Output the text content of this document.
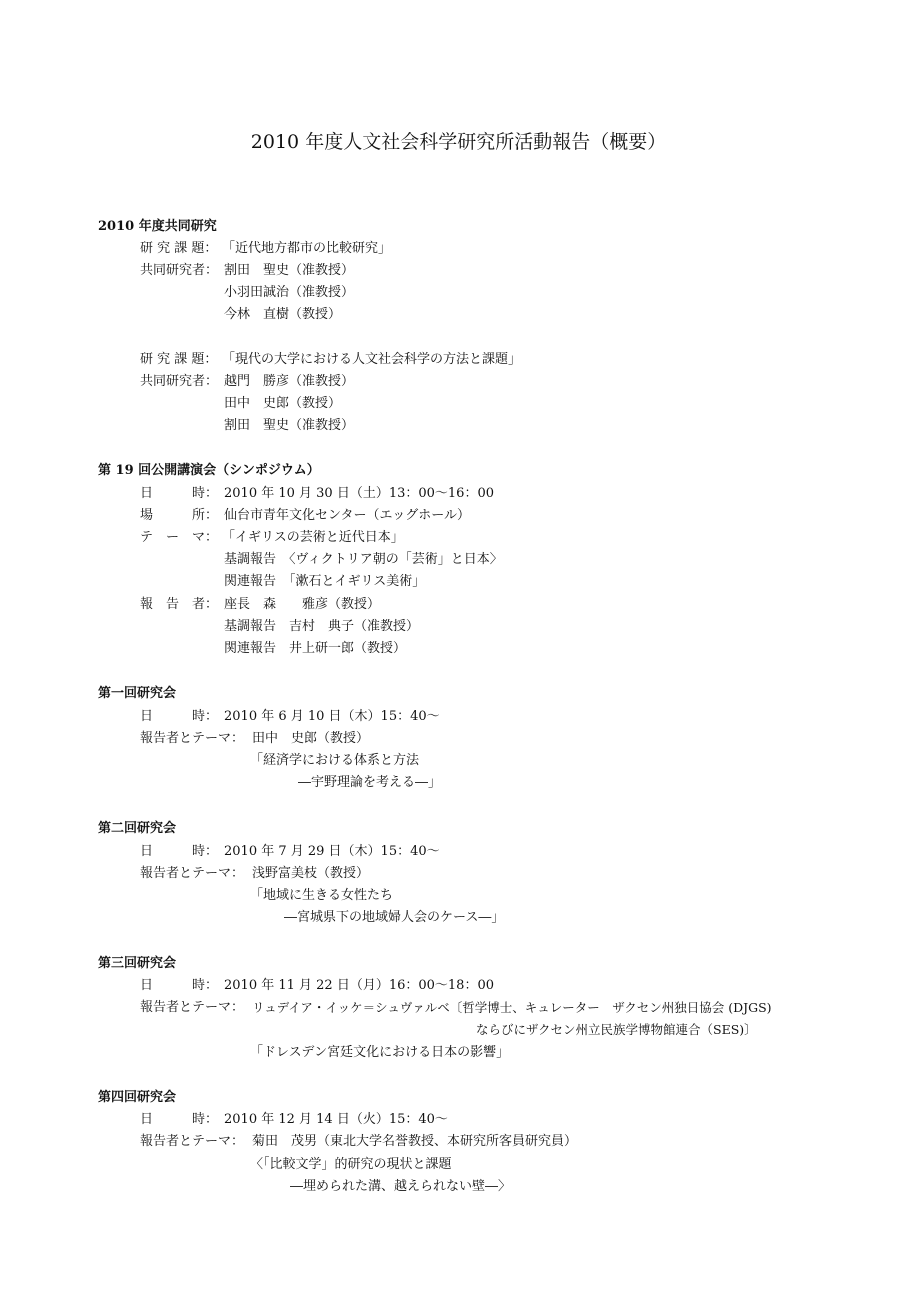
2010 年度人文社会科学研究所活動報告（概要）
2010 年度共同研究
研 究 課 題： 「近代地方都市の比較研究」
共同研究者： 割田　聖史（准教授）
小羽田誠治（准教授）
今林　直樹（教授）
研 究 課 題： 「現代の大学における人文社会科学の方法と課題」
共同研究者： 越門　勝彦（准教授）
田中　史郎（教授）
割田　聖史（准教授）
第 19 回公開講演会（シンポジウム）
日　　　時： 2010 年 10 月 30 日（土）13：00～16：00
場　　　所： 仙台市青年文化センター（エッグホール）
テ　ー　マ： 「イギリスの芸術と近代日本」
基調報告　〈ヴィクトリア朝の「芸術」と日本〉
関連報告　「漱石とイギリス美術」
報　告　者： 座長　森　　雅彦（教授）
基調報告　吉村　典子（准教授）
関連報告　井上研一郎（教授）
第一回研究会
日　　　時： 2010 年 6 月 10 日（木）15：40～
報告者とテーマ： 田中　史郎（教授）
「経済学における体系と方法
―宇野理論を考える―」
第二回研究会
日　　　時： 2010 年 7 月 29 日（木）15：40～
報告者とテーマ： 浅野富美枝（教授）
「地域に生きる女性たち
―宮城県下の地域婦人会のケース―」
第三回研究会
日　　　時： 2010 年 11 月 22 日（月）16：00～18：00
報告者とテーマ： リュデイア・イッケ＝シュヴァルベ〔哲学博士、キュレーター　ザクセン州独日協会 (DJGS)
ならびにザクセン州立民族学博物館連合（SES)〕
「ドレスデン宮廷文化における日本の影響」
第四回研究会
日　　　時： 2010 年 12 月 14 日（火）15：40～
報告者とテーマ： 菊田　茂男（東北大学名誉教授、本研究所客員研究員）
〈「比較文学」的研究の現状と課題
―埋められた溝、越えられない壁―〉
